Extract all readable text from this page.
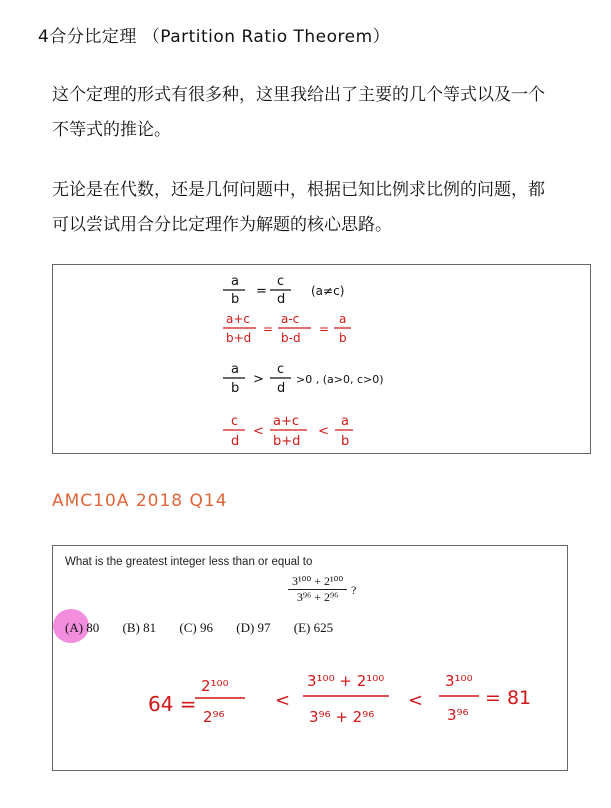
4合分比定理 （Partition Ratio Theorem）
这个定理的形式有很多种，这里我给出了主要的几个等式以及一个不等式的推论。
无论是在代数，还是几何问题中，根据已知比例求比例的问题，都可以尝试用合分比定理作为解题的核心思路。
a
b
=
c
d
(a≠c)
a+c
b+d
=
a-c
b-d
=
a
b
a
b
>
c
d
>0 , (a>0, c>0)
c
d
<
a+c
b+d
<
a
b
AMC10A 2018 Q14
What is the greatest integer less than or equal to
$\frac{\text{3¹⁰⁰ + 2¹⁰⁰}}{\text{3⁹⁶ + 2⁹⁶}}$ ?
(A) 80 (B) 81 (C) 96 (D) 97 (E) 625
64 =
2¹⁰⁰
2⁹⁶
<
3¹⁰⁰ + 2¹⁰⁰
3⁹⁶ + 2⁹⁶
<
3¹⁰⁰
3⁹⁶
= 81
